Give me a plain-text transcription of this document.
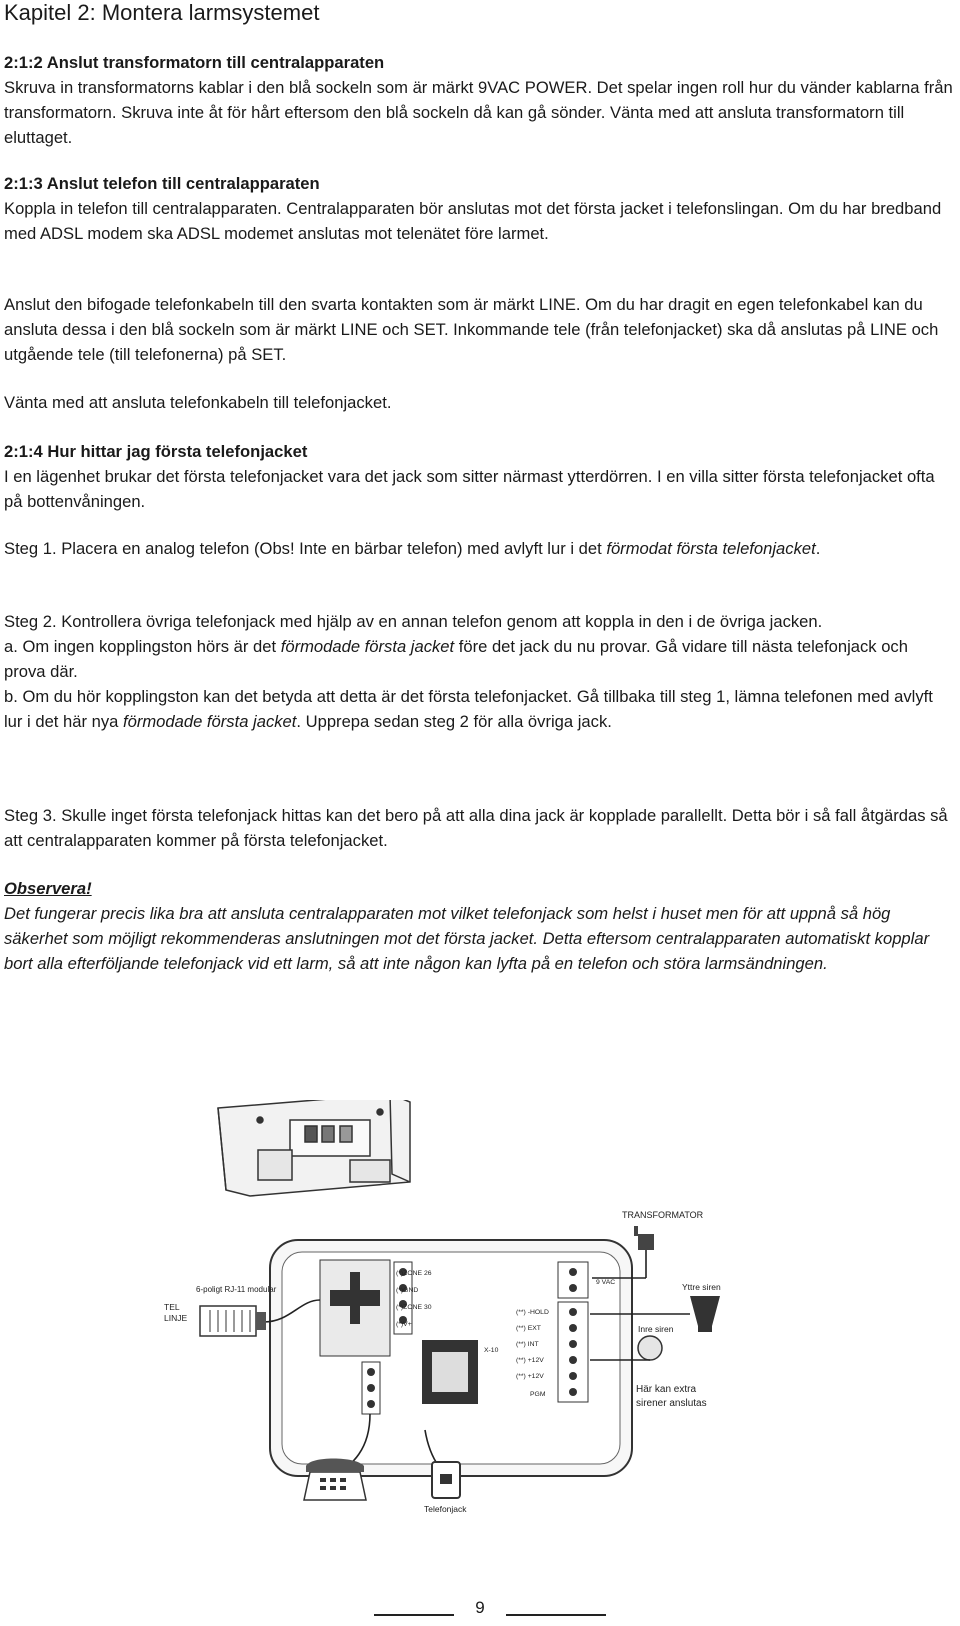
Kapitel 2: Montera larmsystemet
2:1:2 Anslut transformatorn till centralapparaten

Skruva in transformatorns kablar i den blå sockeln som är märkt 9VAC POWER. Det spelar ingen roll hur du vänder kablarna från transformatorn. Skruva inte åt för hårt eftersom den blå sockeln då kan gå sönder. Vänta med att ansluta transformatorn till eluttaget.

2:1:3 Anslut telefon till centralapparaten

Koppla in telefon till centralapparaten. Centralapparaten bör anslutas mot det första jacket i telefonslingan. Om du har bredband med ADSL modem ska ADSL modemet anslutas mot telenätet före larmet.

Anslut den bifogade telefonkabeln till den svarta kontakten som är märkt LINE. Om du har dragit en egen telefonkabel kan du ansluta dessa i den blå sockeln som är märkt LINE och SET. Inkommande tele (från telefonjacket) ska då anslutas på LINE och utgående tele (till telefonerna) på SET.

Vänta med att ansluta telefonkabeln till telefonjacket.

2:1:4 Hur hittar jag första telefonjacket

I en lägenhet brukar det första telefonjacket vara det jack som sitter närmast ytterdörren. I en villa sitter första telefonjacket ofta på bottenvåningen.

Steg 1. Placera en analog telefon (Obs! Inte en bärbar telefon) med avlyft lur i det förmodat första telefonjacket.

Steg 2. Kontrollera övriga telefonjack med hjälp av en annan telefon genom att koppla in den i de övriga jacken.

a. Om ingen kopplingston hörs är det förmodade första jacket före det jack du nu provar. Gå vidare till nästa telefonjack och prova där.

b. Om du hör kopplingston kan det betyda att detta är det första telefonjacket. Gå tillbaka till steg 1, lämna telefonen med avlyft lur i det här nya förmodade första jacket. Upprepa sedan steg 2 för alla övriga jack.

Steg 3. Skulle inget första telefonjack hittas kan det bero på att alla dina jack är kopplade parallellt. Detta bör i så fall åtgärdas så att centralapparaten kommer på första telefonjacket.

Observera!

Det fungerar precis lika bra att ansluta centralapparaten mot vilket telefonjack som helst i huset men för att uppnå så hög säkerhet som möjligt rekommenderas anslutningen mot det första jacket. Detta eftersom centralapparaten automatiskt kopplar bort alla efterföljande telefonjack vid ett larm, så att inte någon kan lyfta på en telefon och störa larmsändningen.

TRANSFORMATOR
6-poligt RJ-11 modular
TEL
LINJE
(*)ZONE 26
(*)GND
(*)ZONE 30
(*)V+
X-10
9 VAC
(**) -HOLD
(**) EXT
(**) INT
(**) +12V
(**) +12V
PGM
Yttre siren
Inre siren
Här kan extra
sirener anslutas
Telefonjack
9
